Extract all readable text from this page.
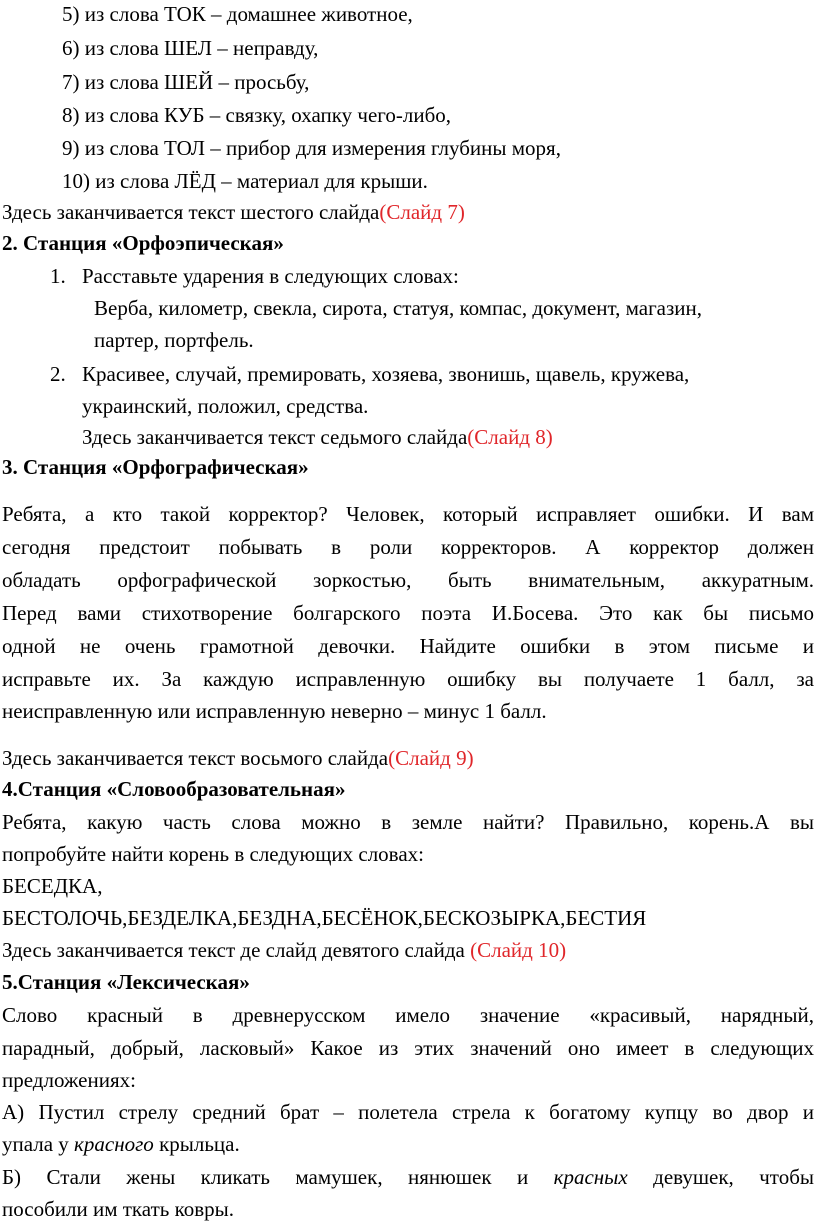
5) из слова ТОК – домашнее животное,
6) из слова ШЕЛ – неправду,
7) из слова ШЕЙ – просьбу,
8) из слова КУБ – связку, охапку чего-либо,
9) из слова ТОЛ – прибор для измерения глубины моря,
10) из слова ЛЁД – материал для крыши.
Здесь заканчивается текст шестого слайда(Слайд 7)
2. Станция «Орфоэпическая»
1. Расставьте ударения в следующих словах:
Верба, километр, свекла, сирота, статуя, компас, документ, магазин,
партер, портфель.
2. Красивее, случай, премировать, хозяева, звонишь, щавель, кружева,
украинский, положил, средства.
Здесь заканчивается текст седьмого слайда(Слайд 8)
3. Станция «Орфографическая»
Ребята, а кто такой корректор? Человек, который исправляет ошибки. И вам
сегодня предстоит побывать в роли корректоров. А корректор должен
обладать орфографической зоркостью, быть внимательным, аккуратным.
Перед вами стихотворение болгарского поэта И.Босева. Это как бы письмо
одной не очень грамотной девочки. Найдите ошибки в этом письме и
исправьте их. За каждую исправленную ошибку вы получаете 1 балл, за
неисправленную или исправленную неверно – минус 1 балл.
Здесь заканчивается текст восьмого слайда(Слайд 9)
4.Станция «Словообразовательная»
Ребята, какую часть слова можно в земле найти? Правильно, корень.А вы
попробуйте найти корень в следующих словах:
БЕСЕДКА,
БЕСТОЛОЧЬ,БЕЗДЕЛКА,БЕЗДНА,БЕСЁНОК,БЕСКОЗЫРКА,БЕСТИЯ
Здесь заканчивается текст де слайд девятого слайда (Слайд 10)
5.Станция «Лексическая»
Слово красный в древнерусском имело значение «красивый, нарядный,
парадный, добрый, ласковый» Какое из этих значений оно имеет в следующих
предложениях:
А) Пустил стрелу средний брат – полетела стрела к богатому купцу во двор и
упала у красного крыльца.
Б) Стали жены кликать мамушек, нянюшек и красных девушек, чтобы
пособили им ткать ковры.
